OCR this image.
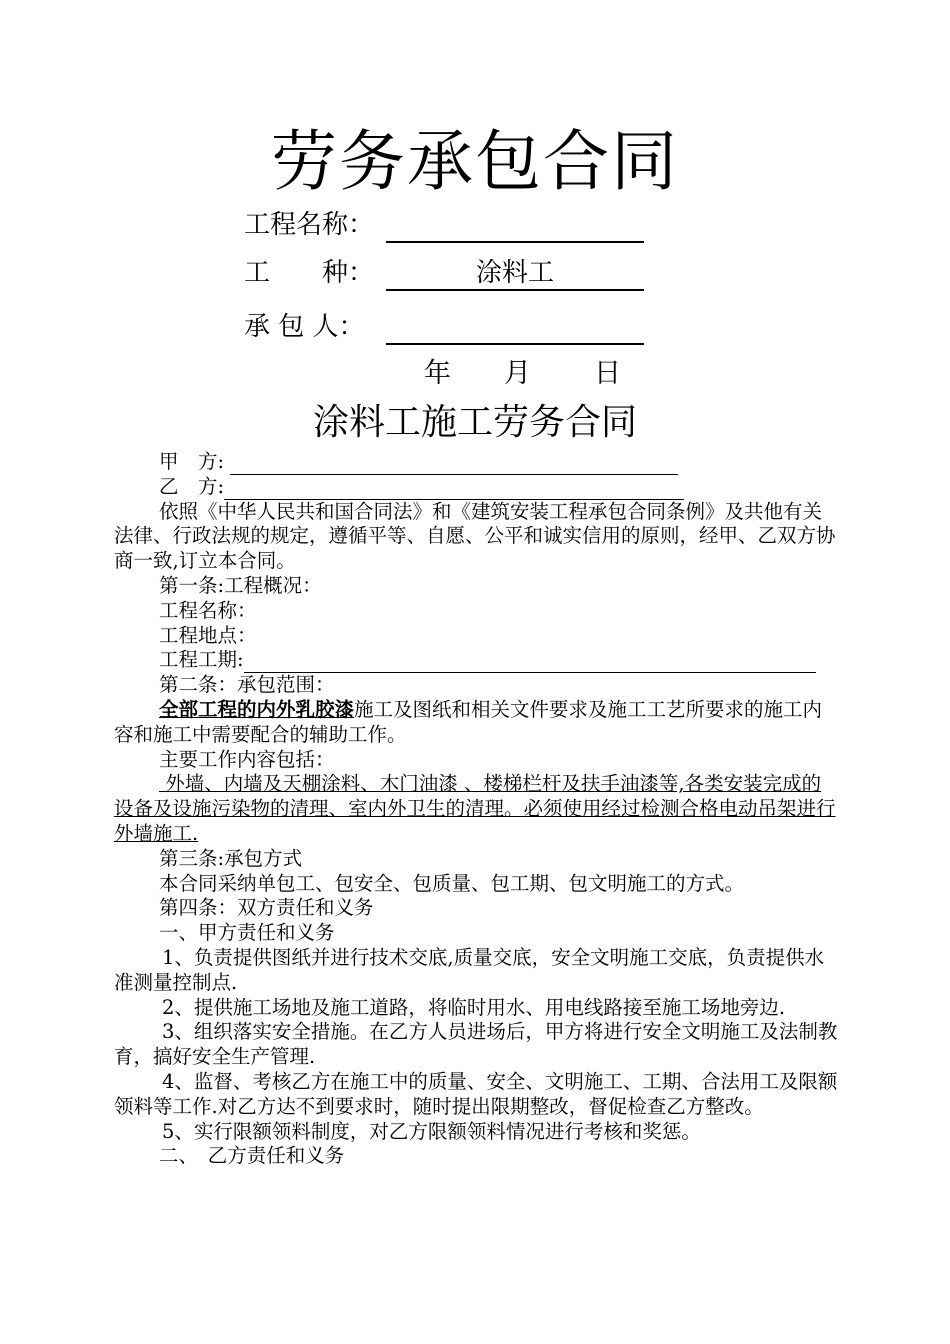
劳务承包合同
工程名称：
工　　种：	涂料工
承 包 人：
年 月 日
涂料工施工劳务合同

甲　方:

乙　方:

依照《中华人民共和国合同法》和《建筑安装工程承包合同条例》及共他有关法律、行政法规的规定，遵循平等、自愿、公平和诚实信用的原则，经甲、乙双方协商一致,订立本合同。

第一条:工程概况：

工程名称：

工程地点：

工程工期:

第二条：承包范围：

全部工程的内外乳胶漆施工及图纸和相关文件要求及施工工艺所要求的施工内容和施工中需要配合的辅助工作。

主要工作内容包括：

外墙、内墙及天棚涂料、木门油漆 、楼梯栏杆及扶手油漆等,各类安装完成的设备及设施污染物的清理、室内外卫生的清理。必须使用经过检测合格电动吊架进行外墙施工.

第三条:承包方式

本合同采纳单包工、包安全、包质量、包工期、包文明施工的方式。

第四条：双方责任和义务

一、甲方责任和义务

1、负责提供图纸并进行技术交底,质量交底，安全文明施工交底，负责提供水准测量控制点.

2、提供施工场地及施工道路，将临时用水、用电线路接至施工场地旁边.

3、组织落实安全措施。在乙方人员进场后，甲方将进行安全文明施工及法制教育，搞好安全生产管理.

4、监督、考核乙方在施工中的质量、安全、文明施工、工期、合法用工及限额领料等工作.对乙方达不到要求时，随时提出限期整改，督促检查乙方整改。

5、实行限额领料制度，对乙方限额领料情况进行考核和奖惩。

二、　乙方责任和义务
